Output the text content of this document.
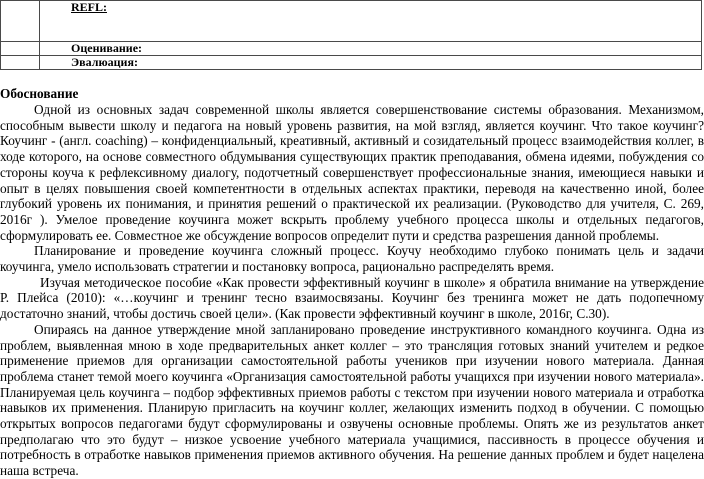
	REFL:
	Оценивание:
	Эвалюация:
Обоснование

Одной из основных задач современной школы является совершенствование системы образования. Механизмом, способным вывести школу и педагога на новый уровень развития, на мой взгляд, является коучинг. Что такое коучинг? Коучинг - (англ. coaching) – конфиденциальный, креативный, активный и созидательный процесс взаимодействия коллег, в ходе которого, на основе совместного обдумывания существующих практик преподавания, обмена идеями, побуждения со стороны коуча к рефлексивному диалогу, подотчетный совершенствует профессиональные знания, имеющиеся навыки и опыт в целях повышения своей компетентности в отдельных аспектах практики, переводя на качественно иной, более глубокий уровень их понимания, и принятия решений о практической их реализации. (Руководство для учителя, С. 269, 2016г ). Умелое проведение коучинга может вскрыть проблему учебного процесса школы и отдельных педагогов, сформулировать ее. Совместное же обсуждение вопросов определит пути и средства разрешения данной проблемы.

Планирование и проведение коучинга сложный процесс. Коучу необходимо глубоко понимать цель и задачи коучинга, умело использовать стратегии и постановку вопроса, рационально распределять время.

Изучая методическое пособие «Как провести эффективный коучинг в школе» я обратила внимание на утверждение Р. Плейса (2010): «…коучинг и тренинг тесно взаимосвязаны. Коучинг без тренинга может не дать подопечному достаточно знаний, чтобы достичь своей цели». (Как провести эффективный коучинг в школе, 2016г, С.30).

Опираясь на данное утверждение мной запланировано проведение инструктивного командного коучинга. Одна из проблем, выявленная мною в ходе предварительных анкет коллег – это трансляция готовых знаний учителем и редкое применение приемов для организации самостоятельной работы учеников при изучении нового материала. Данная проблема станет темой моего коучинга «Организация самостоятельной работы учащихся при изучении нового материала». Планируемая цель коучинга – подбор эффективных приемов работы с текстом при изучении нового материала и отработка навыков их применения. Планирую пригласить на коучинг коллег, желающих изменить подход в обучении. С помощью открытых вопросов педагогами будут сформулированы и озвучены основные проблемы. Опять же из результатов анкет предполагаю что это будут – низкое усвоение учебного материала учащимися, пассивность в процессе обучения и потребность в отработке навыков применения приемов активного обучения. На решение данных проблем и будет нацелена наша встреча.
